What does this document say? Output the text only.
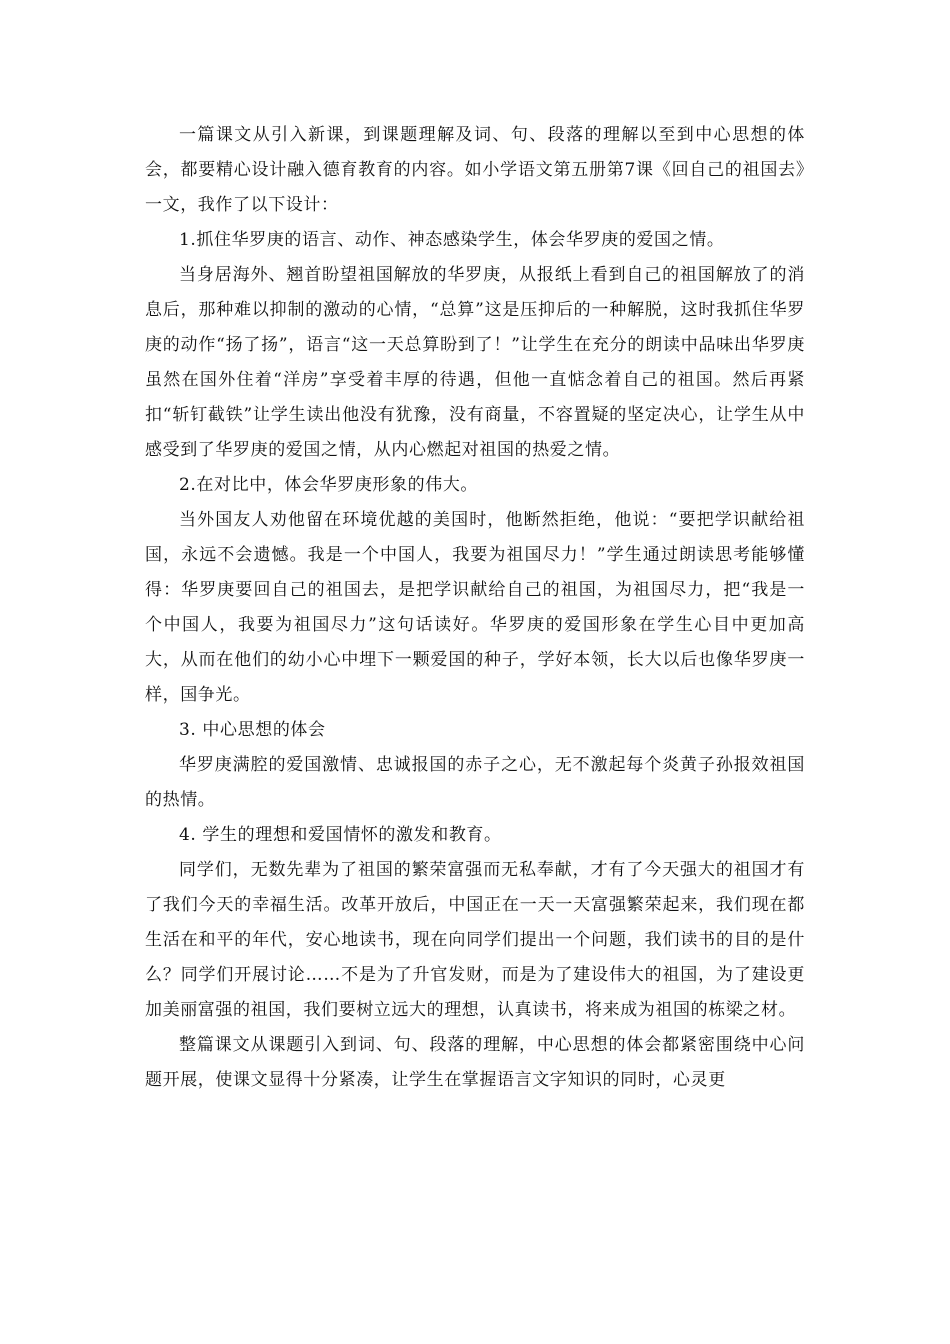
一篇课文从引入新课，到课题理解及词、句、段落的理解以至到中心思想的体会，都要精心设计融入德育教育的内容。如小学语文第五册第7课《回自己的祖国去》一文，我作了以下设计：

1.抓住华罗庚的语言、动作、神态感染学生，体会华罗庚的爱国之情。

当身居海外、翘首盼望祖国解放的华罗庚，从报纸上看到自己的祖国解放了的消息后，那种难以抑制的激动的心情，“总算”这是压抑后的一种解脱，这时我抓住华罗庚的动作“扬了扬”，语言“这一天总算盼到了！”让学生在充分的朗读中品味出华罗庚虽然在国外住着“洋房”享受着丰厚的待遇，但他一直惦念着自己的祖国。然后再紧扣“斩钉截铁”让学生读出他没有犹豫，没有商量，不容置疑的坚定决心，让学生从中感受到了华罗庚的爱国之情，从内心燃起对祖国的热爱之情。

2.在对比中，体会华罗庚形象的伟大。

当外国友人劝他留在环境优越的美国时，他断然拒绝，他说：“要把学识献给祖国，永远不会遗憾。我是一个中国人，我要为祖国尽力！”学生通过朗读思考能够懂得：华罗庚要回自己的祖国去，是把学识献给自己的祖国，为祖国尽力，把“我是一个中国人，我要为祖国尽力”这句话读好。华罗庚的爱国形象在学生心目中更加高大，从而在他们的幼小心中埋下一颗爱国的种子，学好本领，长大以后也像华罗庚一样，国争光。

3. 中心思想的体会

华罗庚满腔的爱国激情、忠诚报国的赤子之心，无不激起每个炎黄子孙报效祖国的热情。

4. 学生的理想和爱国情怀的激发和教育。

同学们，无数先辈为了祖国的繁荣富强而无私奉献，才有了今天强大的祖国才有了我们今天的幸福生活。改革开放后，中国正在一天一天富强繁荣起来，我们现在都生活在和平的年代，安心地读书，现在向同学们提出一个问题，我们读书的目的是什么？同学们开展讨论……不是为了升官发财，而是为了建设伟大的祖国，为了建设更加美丽富强的祖国，我们要树立远大的理想，认真读书，将来成为祖国的栋梁之材。

整篇课文从课题引入到词、句、段落的理解，中心思想的体会都紧密围绕中心问题开展，使课文显得十分紧凑，让学生在掌握语言文字知识的同时，心灵更
